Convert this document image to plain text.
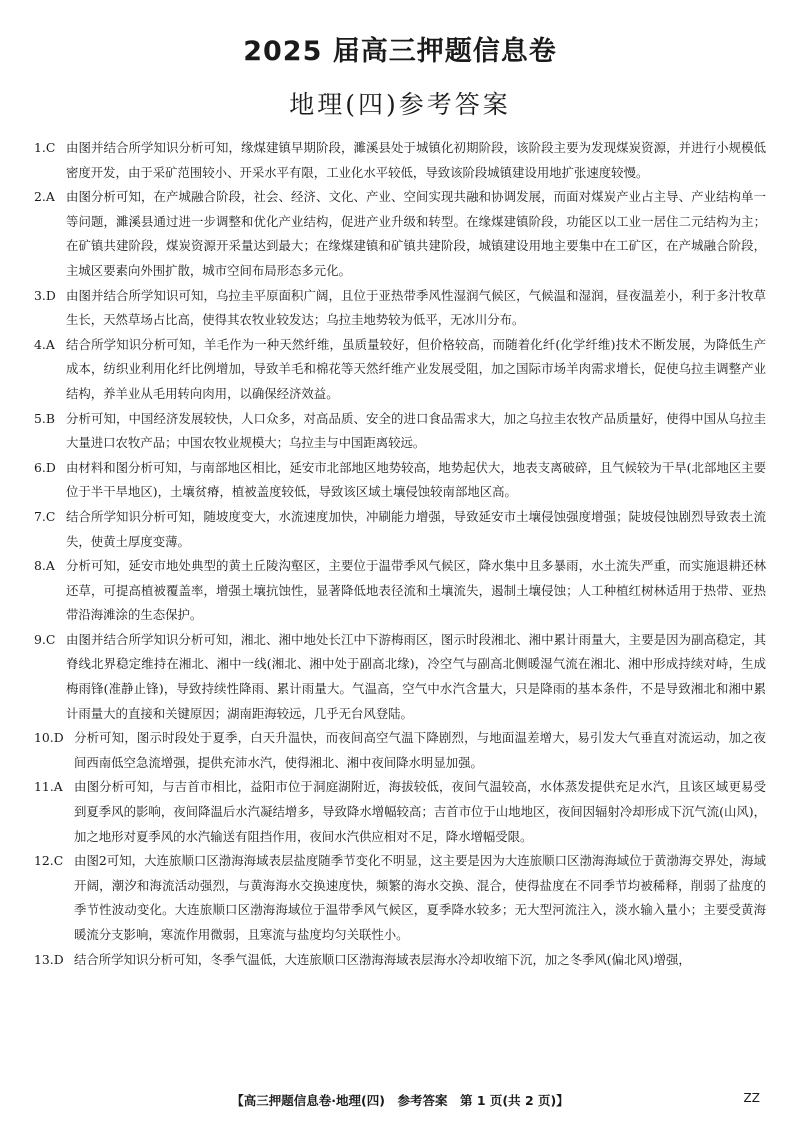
2025 届高三押题信息卷
地理(四)参考答案
1.C 由图并结合所学知识分析可知，缘煤建镇早期阶段，濉溪县处于城镇化初期阶段，该阶段主要为发现煤炭资源，并进行小规模低密度开发，由于采矿范围较小、开采水平有限，工业化水平较低，导致该阶段城镇建设用地扩张速度较慢。
2.A 由图分析可知，在产城融合阶段，社会、经济、文化、产业、空间实现共融和协调发展，而面对煤炭产业占主导、产业结构单一等问题，濉溪县通过进一步调整和优化产业结构，促进产业升级和转型。在缘煤建镇阶段，功能区以工业一居住二元结构为主；在矿镇共建阶段，煤炭资源开采量达到最大；在缘煤建镇和矿镇共建阶段，城镇建设用地主要集中在工矿区，在产城融合阶段，主城区要素向外围扩散，城市空间布局形态多元化。
3.D 由图并结合所学知识可知，乌拉圭平原面积广阔，且位于亚热带季风性湿润气候区，气候温和湿润，昼夜温差小，利于多汁牧草生长，天然草场占比高，使得其农牧业较发达；乌拉圭地势较为低平，无冰川分布。
4.A 结合所学知识分析可知，羊毛作为一种天然纤维，虽质量较好，但价格较高，而随着化纤(化学纤维)技术不断发展，为降低生产成本，纺织业利用化纤比例增加，导致羊毛和棉花等天然纤维产业发展受阻，加之国际市场羊肉需求增长，促使乌拉圭调整产业结构，养羊业从毛用转向肉用，以确保经济效益。
5.B 分析可知，中国经济发展较快，人口众多，对高品质、安全的进口食品需求大，加之乌拉圭农牧产品质量好，使得中国从乌拉圭大量进口农牧产品；中国农牧业规模大；乌拉圭与中国距离较远。
6.D 由材料和图分析可知，与南部地区相比，延安市北部地区地势较高，地势起伏大，地表支离破碎，且气候较为干旱(北部地区主要位于半干旱地区)，土壤贫瘠，植被盖度较低，导致该区域土壤侵蚀较南部地区高。
7.C 结合所学知识分析可知，随坡度变大，水流速度加快，冲刷能力增强，导致延安市土壤侵蚀强度增强；陡坡侵蚀剧烈导致表土流失，使黄土厚度变薄。
8.A 分析可知，延安市地处典型的黄土丘陵沟壑区，主要位于温带季风气候区，降水集中且多暴雨，水土流失严重，而实施退耕还林还草，可提高植被覆盖率，增强土壤抗蚀性，显著降低地表径流和土壤流失，遏制土壤侵蚀；人工种植红树林适用于热带、亚热带沿海滩涂的生态保护。
9.C 由图并结合所学知识分析可知，湘北、湘中地处长江中下游梅雨区，图示时段湘北、湘中累计雨量大，主要是因为副高稳定，其脊线北界稳定维持在湘北、湘中一线(湘北、湘中处于副高北缘)，冷空气与副高北侧暖湿气流在湘北、湘中形成持续对峙，生成梅雨锋(准静止锋)，导致持续性降雨、累计雨量大。气温高，空气中水汽含量大，只是降雨的基本条件，不是导致湘北和湘中累计雨量大的直接和关键原因；湖南距海较远，几乎无台风登陆。
10.D 分析可知，图示时段处于夏季，白天升温快，而夜间高空气温下降剧烈，与地面温差增大，易引发大气垂直对流运动，加之夜间西南低空急流增强，提供充沛水汽，使得湘北、湘中夜间降水明显加强。
11.A 由图分析可知，与吉首市相比，益阳市位于洞庭湖附近，海拔较低，夜间气温较高，水体蒸发提供充足水汽，且该区域更易受到夏季风的影响，夜间降温后水汽凝结增多，导致降水增幅较高；吉首市位于山地地区，夜间因辐射冷却形成下沉气流(山风)，加之地形对夏季风的水汽输送有阻挡作用，夜间水汽供应相对不足，降水增幅受限。
12.C 由图2可知，大连旅顺口区渤海海域表层盐度随季节变化不明显，这主要是因为大连旅顺口区渤海海域位于黄渤海交界处，海域开阔，潮汐和海流活动强烈，与黄海海水交换速度快，频繁的海水交换、混合，使得盐度在不同季节均被稀释，削弱了盐度的季节性波动变化。大连旅顺口区渤海海域位于温带季风气候区，夏季降水较多；无大型河流注入，淡水输入量小；主要受黄海暖流分支影响，寒流作用微弱，且寒流与盐度均匀关联性小。
13.D 结合所学知识分析可知，冬季气温低，大连旅顺口区渤海海域表层海水冷却收缩下沉，加之冬季风(偏北风)增强，
【高三押题信息卷·地理(四)　参考答案　第 1 页(共 2 页)】	ZZ
